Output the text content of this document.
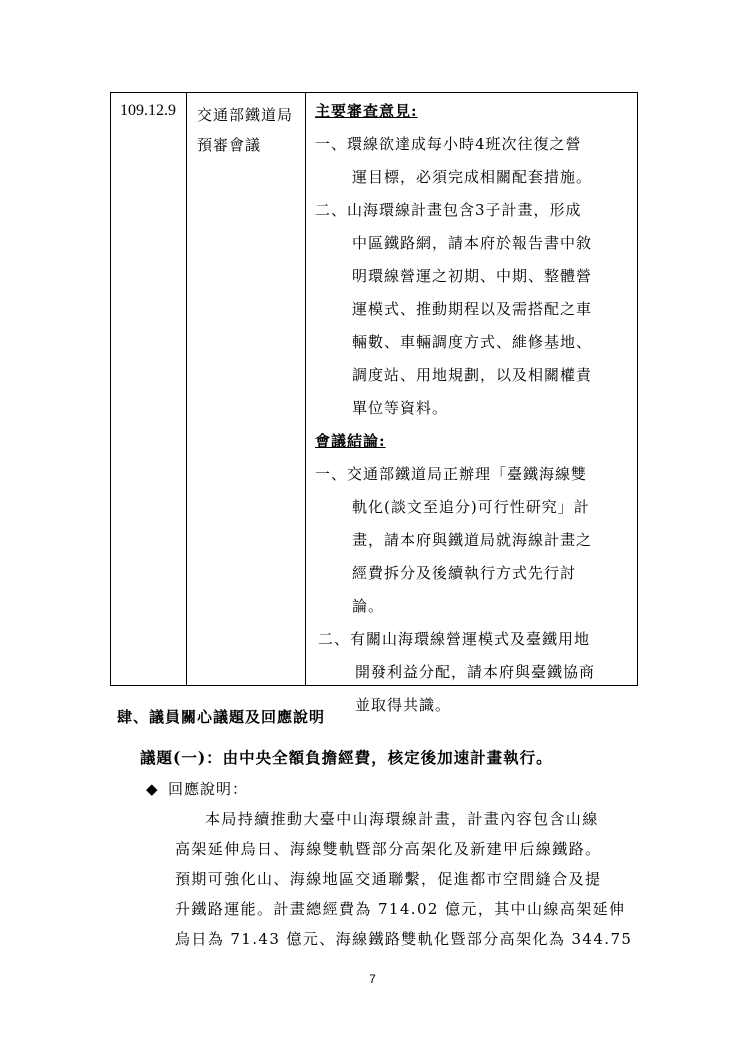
109.12.9 交通部鐵道局
預審會議
主要審查意見:
一、環線欲達成每小時4班次往復之營
運目標，必須完成相關配套措施。
二、山海環線計畫包含3子計畫，形成
中區鐵路網，請本府於報告書中敘
明環線營運之初期、中期、整體營
運模式、推動期程以及需搭配之車
輛數、車輛調度方式、維修基地、
調度站、用地規劃，以及相關權責
單位等資料。
會議結論:
一、交通部鐵道局正辦理「臺鐵海線雙
軌化(談文至追分)可行性研究」計
畫，請本府與鐵道局就海線計畫之
經費拆分及後續執行方式先行討
論。
二、有關山海環線營運模式及臺鐵用地
開發利益分配，請本府與臺鐵協商
並取得共識。
肆、議員關心議題及回應說明
議題(一)：由中央全額負擔經費，核定後加速計畫執行。
◆ 回應說明：
本局持續推動大臺中山海環線計畫，計畫內容包含山線
高架延伸烏日、海線雙軌暨部分高架化及新建甲后線鐵路。
預期可強化山、海線地區交通聯繫，促進都市空間縫合及提
升鐵路運能。計畫總經費為 714.02 億元，其中山線高架延伸
烏日為 71.43 億元、海線鐵路雙軌化暨部分高架化為 344.75
7
